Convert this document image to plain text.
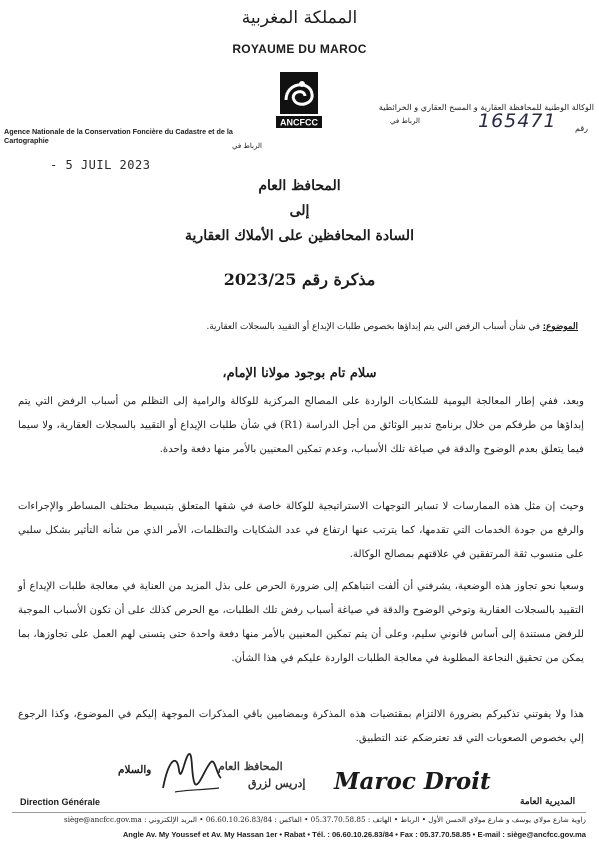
المملكة المغربية
ROYAUME DU MAROC
ANCFCC
Agence Nationale de la Conservation Foncière du Cadastre et de la Cartographie
الوكالة الوطنية للمحافظة العقارية و المسح العقاري و الخرائطية
الرباط في
الرباط في
رقم
165471
- 5 JUIL 2023
المحافظ العام
إلى
السادة المحافظين على الأملاك العقارية
مذكرة رقم 2023/25
الموضوع: في شأن أسباب الرفض التي يتم إبداؤها بخصوص طلبات الإيداع أو التقييد بالسجلات العقارية.
سلام تام بوجود مولانا الإمام،
وبعد، ففي إطار المعالجة اليومية للشكايات الواردة على المصالح المركزية للوكالة والرامية إلى التظلم من أسباب الرفض التي يتم إبداؤها من طرفكم من خلال برنامج تدبير الوثائق من أجل الدراسة (R1) في شأن طلبات الإيداع أو التقييد بالسجلات العقارية، ولا سيما فيما يتعلق بعدم الوضوح والدقة في صياغة تلك الأسباب، وعدم تمكين المعنيين بالأمر منها دفعة واحدة.
وحيث إن مثل هذه الممارسات لا تساير التوجهات الاستراتيجية للوكالة خاصة في شقها المتعلق بتبسيط مختلف المساطر والإجراءات والرفع من جودة الخدمات التي تقدمها، كما يترتب عنها ارتفاع في عدد الشكايات والتظلمات، الأمر الذي من شأنه التأثير بشكل سلبي على منسوب ثقة المرتفقين في علاقتهم بمصالح الوكالة.
وسعيا نحو تجاوز هذه الوضعية، يشرفني أن ألفت انتباهكم إلى ضرورة الحرص على بذل المزيد من العناية في معالجة طلبات الإيداع أو التقييد بالسجلات العقارية وتوخي الوضوح والدقة في صياغة أسباب رفض تلك الطلبات، مع الحرص كذلك على أن تكون الأسباب الموجبة للرفض مستندة إلى أساس قانوني سليم، وعلى أن يتم تمكين المعنيين بالأمر منها دفعة واحدة حتى يتسنى لهم العمل على تجاوزها، بما يمكن من تحقيق النجاعة المطلوبة في معالجة الطلبات الواردة عليكم في هذا الشأن.
هذا ولا يفوتني تذكيركم بضرورة الالتزام بمقتضيات هذه المذكرة وبمضامين باقي المذكرات الموجهة إليكم في الموضوع، وكذا الرجوع إلي بخصوص الصعوبات التي قد تعترضكم عند التطبيق.
والسلام	المحافظ العام
إدريس لزرق Maroc Droit
Direction Générale	المديرية العامة
زاوية شارع مولاي يوسف و شارع مولاي الحسن الأول • الرباط • الهاتف : 05.37.70.58.85 • الفاكس : 06.60.10.26.83/84 • البريد الإلكتروني : siège@ancfcc.gov.ma
Angle Av. My Youssef et Av. My Hassan 1er • Rabat • Tél. : 06.60.10.26.83/84 • Fax : 05.37.70.58.85 • E-mail : siège@ancfcc.gov.ma
